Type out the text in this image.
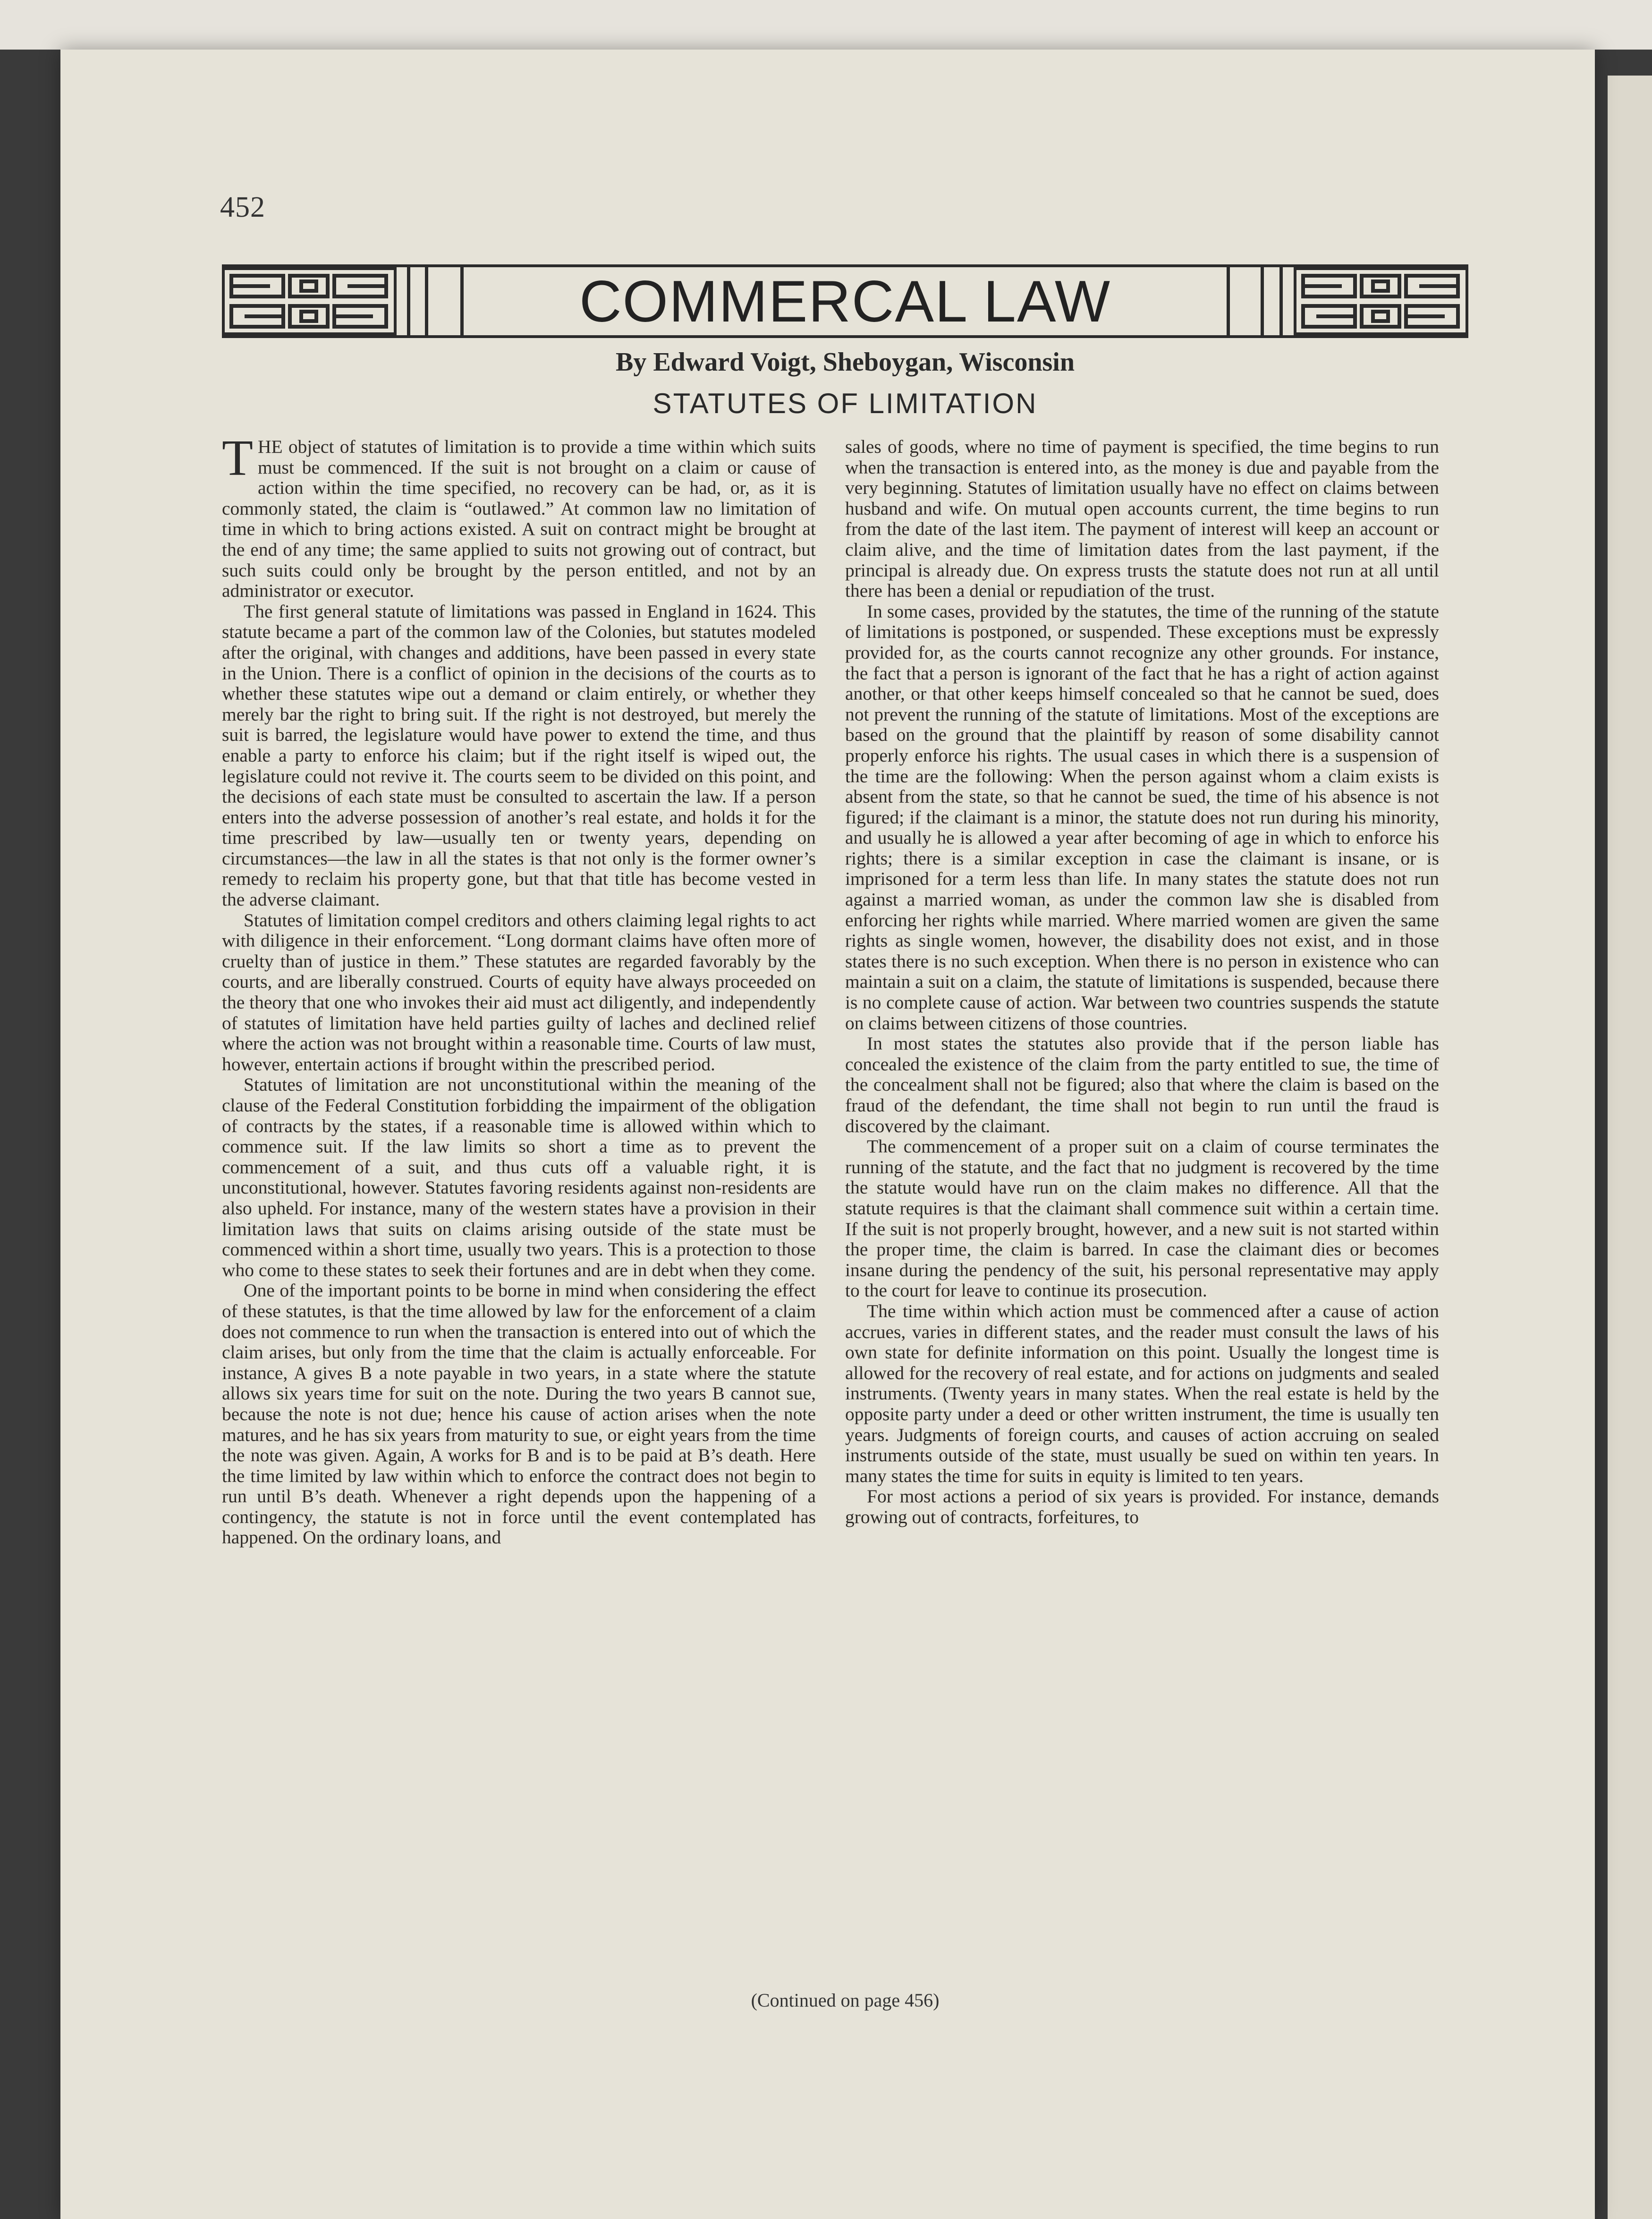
452
COMMERCAL LAW
By Edward Voigt, Sheboygan, Wisconsin
STATUTES OF LIMITATION

THE object of statutes of limitation is to provide a time within which suits must be commenced. If the suit is not brought on a claim or cause of action within the time specified, no recovery can be had, or, as it is commonly stated, the claim is “outlawed.” At common law no limitation of time in which to bring actions existed. A suit on contract might be brought at the end of any time; the same applied to suits not growing out of contract, but such suits could only be brought by the person entitled, and not by an administrator or executor.

The first general statute of limitations was passed in England in 1624. This statute became a part of the common law of the Colonies, but statutes modeled after the original, with changes and additions, have been passed in every state in the Union. There is a conflict of opinion in the decisions of the courts as to whether these statutes wipe out a demand or claim entirely, or whether they merely bar the right to bring suit. If the right is not destroyed, but merely the suit is barred, the legislature would have power to extend the time, and thus enable a party to enforce his claim; but if the right itself is wiped out, the legislature could not revive it. The courts seem to be divided on this point, and the decisions of each state must be consulted to ascertain the law. If a person enters into the adverse possession of another’s real estate, and holds it for the time prescribed by law—usually ten or twenty years, depending on circumstances—the law in all the states is that not only is the former owner’s remedy to reclaim his property gone, but that that title has become vested in the adverse claimant.

Statutes of limitation compel creditors and others claiming legal rights to act with diligence in their enforcement. “Long dormant claims have often more of cruelty than of justice in them.” These statutes are regarded favorably by the courts, and are liberally construed. Courts of equity have always proceeded on the theory that one who invokes their aid must act diligently, and independently of statutes of limitation have held parties guilty of laches and declined relief where the action was not brought within a reasonable time. Courts of law must, however, entertain actions if brought within the prescribed period.

Statutes of limitation are not unconstitutional within the meaning of the clause of the Federal Constitution forbidding the impairment of the obligation of contracts by the states, if a reasonable time is allowed within which to commence suit. If the law limits so short a time as to prevent the commencement of a suit, and thus cuts off a valuable right, it is unconstitutional, however. Statutes favoring residents against non-residents are also upheld. For instance, many of the western states have a provision in their limitation laws that suits on claims arising outside of the state must be commenced within a short time, usually two years. This is a protection to those who come to these states to seek their fortunes and are in debt when they come.

One of the important points to be borne in mind when considering the effect of these statutes, is that the time allowed by law for the enforcement of a claim does not commence to run when the transaction is entered into out of which the claim arises, but only from the time that the claim is actually enforceable. For instance, A gives B a note payable in two years, in a state where the statute allows six years time for suit on the note. During the two years B cannot sue, because the note is not due; hence his cause of action arises when the note matures, and he has six years from maturity to sue, or eight years from the time the note was given. Again, A works for B and is to be paid at B’s death. Here the time limited by law within which to enforce the contract does not begin to run until B’s death. Whenever a right depends upon the happening of a contingency, the statute is not in force until the event contemplated has happened. On the ordinary loans, and

sales of goods, where no time of payment is specified, the time begins to run when the transaction is entered into, as the money is due and payable from the very beginning. Statutes of limitation usually have no effect on claims between husband and wife. On mutual open accounts current, the time begins to run from the date of the last item. The payment of interest will keep an account or claim alive, and the time of limitation dates from the last payment, if the principal is already due. On express trusts the statute does not run at all until there has been a denial or repudiation of the trust.

In some cases, provided by the statutes, the time of the running of the statute of limitations is postponed, or suspended. These exceptions must be expressly provided for, as the courts cannot recognize any other grounds. For instance, the fact that a person is ignorant of the fact that he has a right of action against another, or that other keeps himself concealed so that he cannot be sued, does not prevent the running of the statute of limitations. Most of the exceptions are based on the ground that the plaintiff by reason of some disability cannot properly enforce his rights. The usual cases in which there is a suspension of the time are the following: When the person against whom a claim exists is absent from the state, so that he cannot be sued, the time of his absence is not figured; if the claimant is a minor, the statute does not run during his minority, and usually he is allowed a year after becoming of age in which to enforce his rights; there is a similar exception in case the claimant is insane, or is imprisoned for a term less than life. In many states the statute does not run against a married woman, as under the common law she is disabled from enforcing her rights while married. Where married women are given the same rights as single women, however, the disability does not exist, and in those states there is no such exception. When there is no person in existence who can maintain a suit on a claim, the statute of limitations is suspended, because there is no complete cause of action. War between two countries suspends the statute on claims between citizens of those countries.

In most states the statutes also provide that if the person liable has concealed the existence of the claim from the party entitled to sue, the time of the concealment shall not be figured; also that where the claim is based on the fraud of the defendant, the time shall not begin to run until the fraud is discovered by the claimant.

The commencement of a proper suit on a claim of course terminates the running of the statute, and the fact that no judgment is recovered by the time the statute would have run on the claim makes no difference. All that the statute requires is that the claimant shall commence suit within a certain time. If the suit is not properly brought, however, and a new suit is not started within the proper time, the claim is barred. In case the claimant dies or becomes insane during the pendency of the suit, his personal representative may apply to the court for leave to continue its prosecution.

The time within which action must be commenced after a cause of action accrues, varies in different states, and the reader must consult the laws of his own state for definite information on this point. Usually the longest time is allowed for the recovery of real estate, and for actions on judgments and sealed instruments. (Twenty years in many states. When the real estate is held by the opposite party under a deed or other written instrument, the time is usually ten years. Judgments of foreign courts, and causes of action accruing on sealed instruments outside of the state, must usually be sued on within ten years. In many states the time for suits in equity is limited to ten years.

For most actions a period of six years is provided. For instance, demands growing out of contracts, forfeitures, to

(Continued on page 456)
